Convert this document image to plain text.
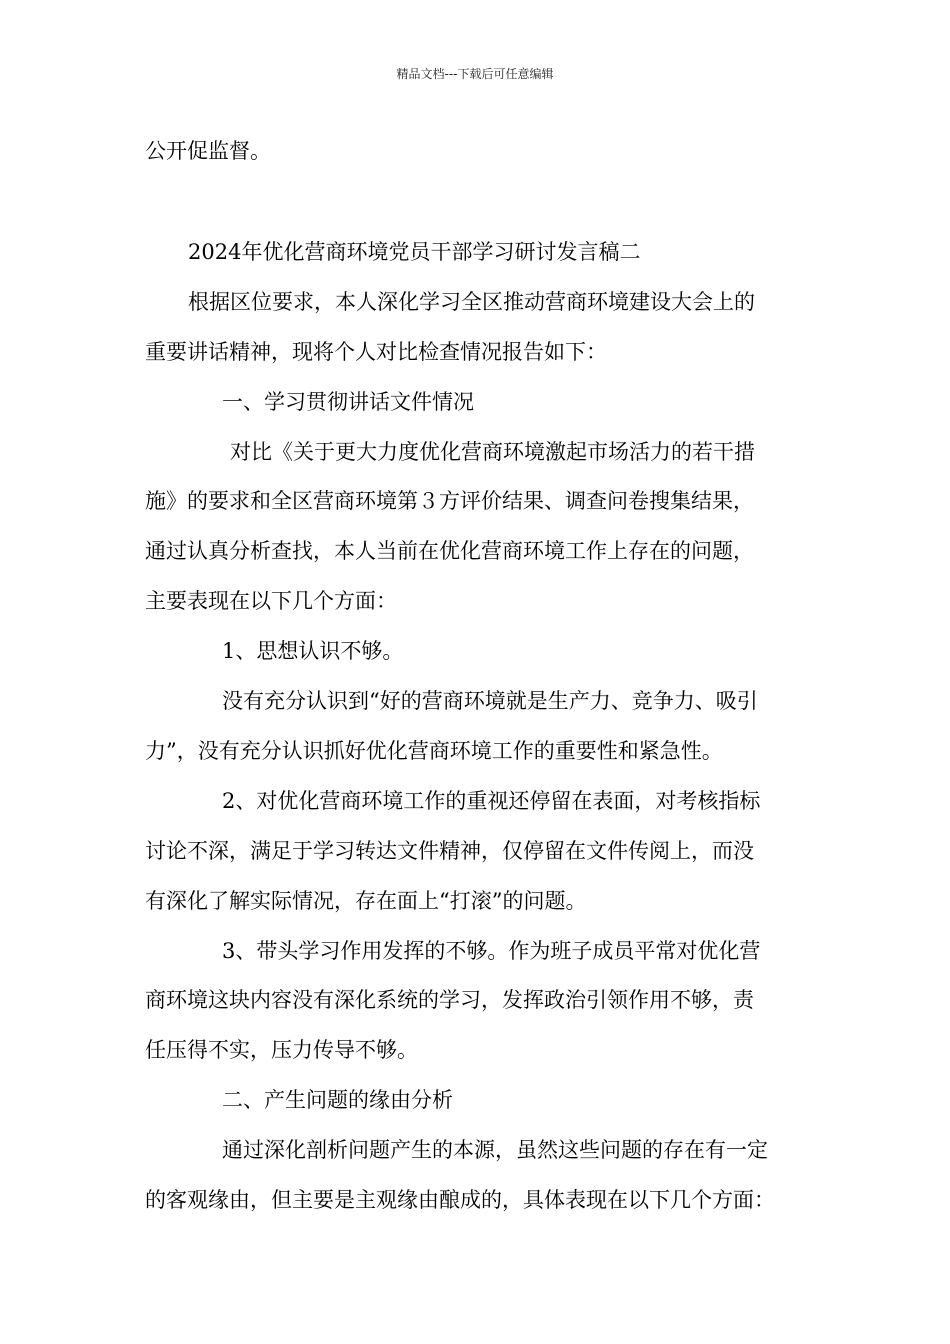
精品文档---下载后可任意编辑
公开促监督。
2024年优化营商环境党员干部学习研讨发言稿二
根据区位要求，本人深化学习全区推动营商环境建设大会上的
重要讲话精神，现将个人对比检查情况报告如下：
一、学习贯彻讲话文件情况
对比《关于更大力度优化营商环境激起市场活力的若干措
施》的要求和全区营商环境第３方评价结果、调查问卷搜集结果，
通过认真分析查找，本人当前在优化营商环境工作上存在的问题，
主要表现在以下几个方面：
1、思想认识不够。
没有充分认识到“好的营商环境就是生产力、竞争力、吸引
力”，没有充分认识抓好优化营商环境工作的重要性和紧急性。
2、对优化营商环境工作的重视还停留在表面，对考核指标
讨论不深，满足于学习转达文件精神，仅停留在文件传阅上，而没
有深化了解实际情况，存在面上“打滚”的问题。
3、带头学习作用发挥的不够。作为班子成员平常对优化营
商环境这块内容没有深化系统的学习，发挥政治引领作用不够，责
任压得不实，压力传导不够。
二、产生问题的缘由分析
通过深化剖析问题产生的本源，虽然这些问题的存在有一定
的客观缘由，但主要是主观缘由酿成的，具体表现在以下几个方面：
